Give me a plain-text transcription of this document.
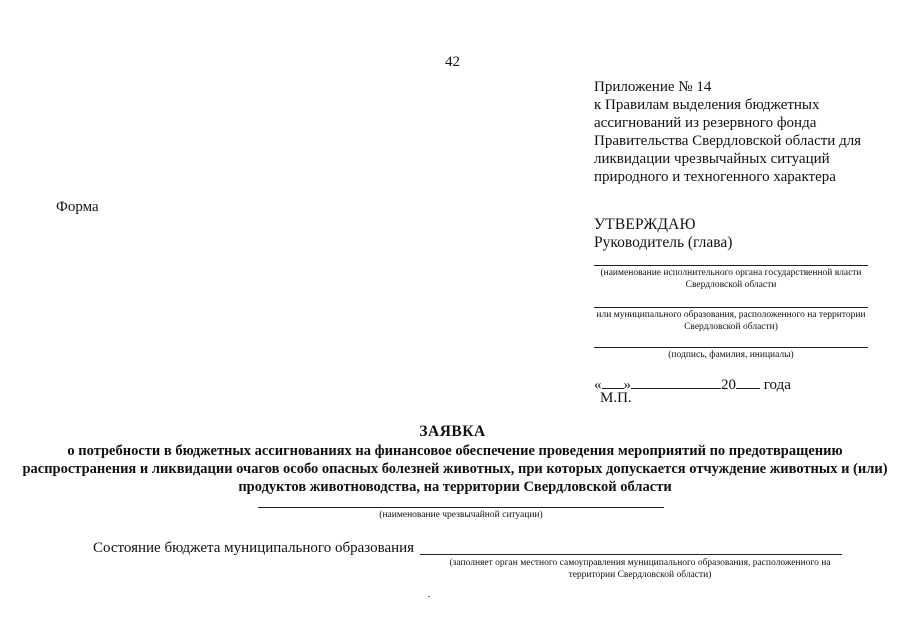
42
Приложение № 14
к Правилам выделения бюджетных
ассигнований из резервного фонда
Правительства Свердловской области для
ликвидации чрезвычайных ситуаций
природного и техногенного характера
Форма
УТВЕРЖДАЮ
Руководитель (глава)
(наименование исполнительного органа государственной власти Свердловской области
или муниципального образования, расположенного на территории Свердловской области)
(подпись, фамилия, инициалы)
« »	20 года
М.П.
ЗАЯВКА
о потребности в бюджетных ассигнованиях на финансовое обеспечение проведения мероприятий по предотвращению распространения и ликвидации очагов особо опасных болезней животных, при которых допускается отчуждение животных и (или) продуктов животноводства, на территории Свердловской области
(наименование чрезвычайной ситуации)
Состояние бюджета муниципального образования
(заполняет орган местного самоуправления муниципального образования, расположенного на территории Свердловской области)
